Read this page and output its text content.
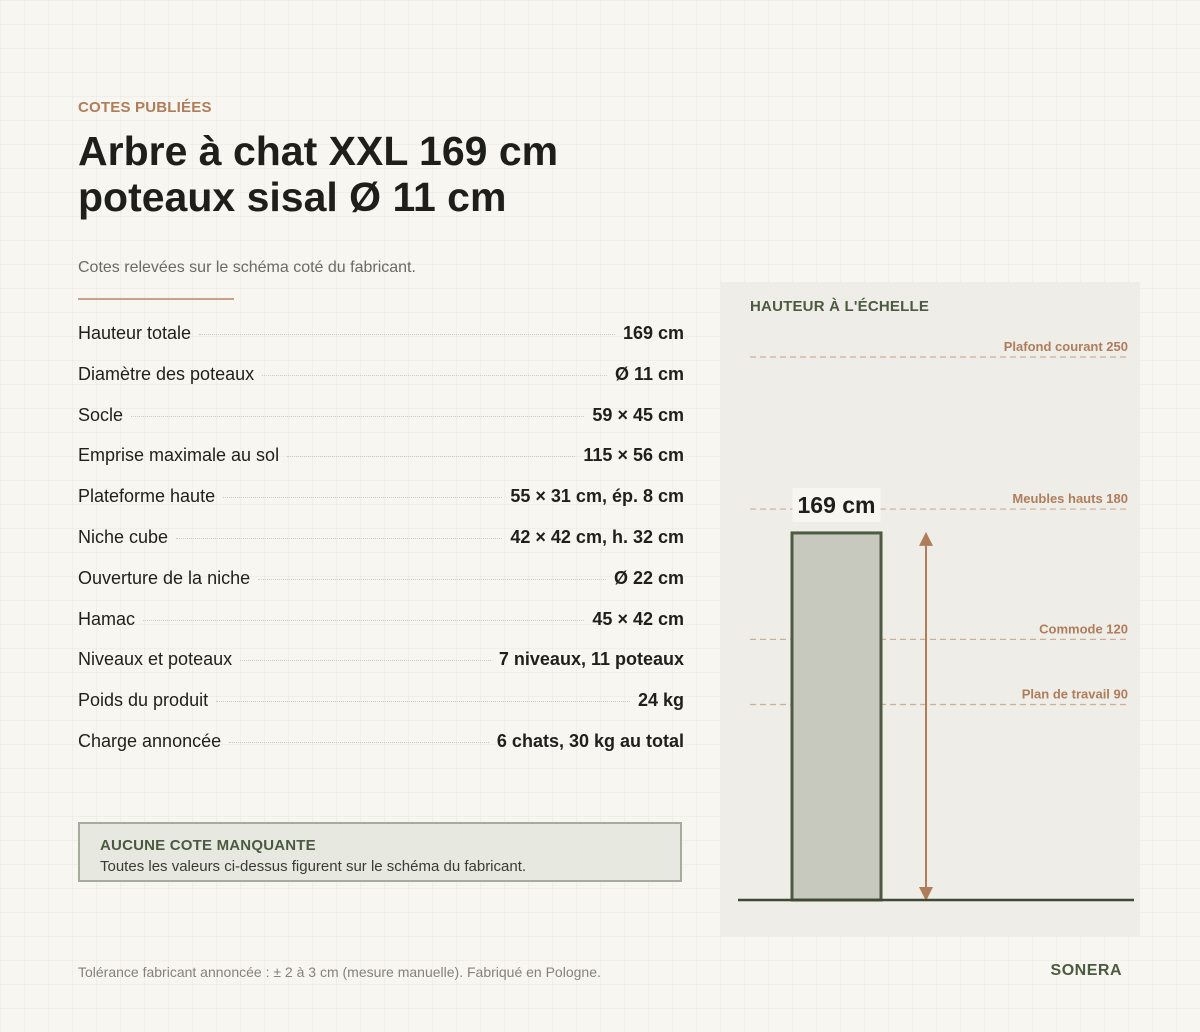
COTES PUBLIÉES
Arbre à chat XXL 169 cm
poteaux sisal Ø 11 cm
Cotes relevées sur le schéma coté du fabricant.
Hauteur totale	169 cm
Diamètre des poteaux	Ø 11 cm
Socle	59 × 45 cm
Emprise maximale au sol	115 × 56 cm
Plateforme haute	55 × 31 cm, ép. 8 cm
Niche cube	42 × 42 cm, h. 32 cm
Ouverture de la niche	Ø 22 cm
Hamac	45 × 42 cm
Niveaux et poteaux	7 niveaux, 11 poteaux
Poids du produit	24 kg
Charge annoncée	6 chats, 30 kg au total
AUCUNE COTE MANQUANTE
Toutes les valeurs ci-dessus figurent sur le schéma du fabricant.
HAUTEUR À L'ÉCHELLE
Plafond courant 250
Meubles hauts 180
Commode 120
Plan de travail 90
169 cm
Tolérance fabricant annoncée : ± 2 à 3 cm (mesure manuelle). Fabriqué en Pologne.	SONERA
